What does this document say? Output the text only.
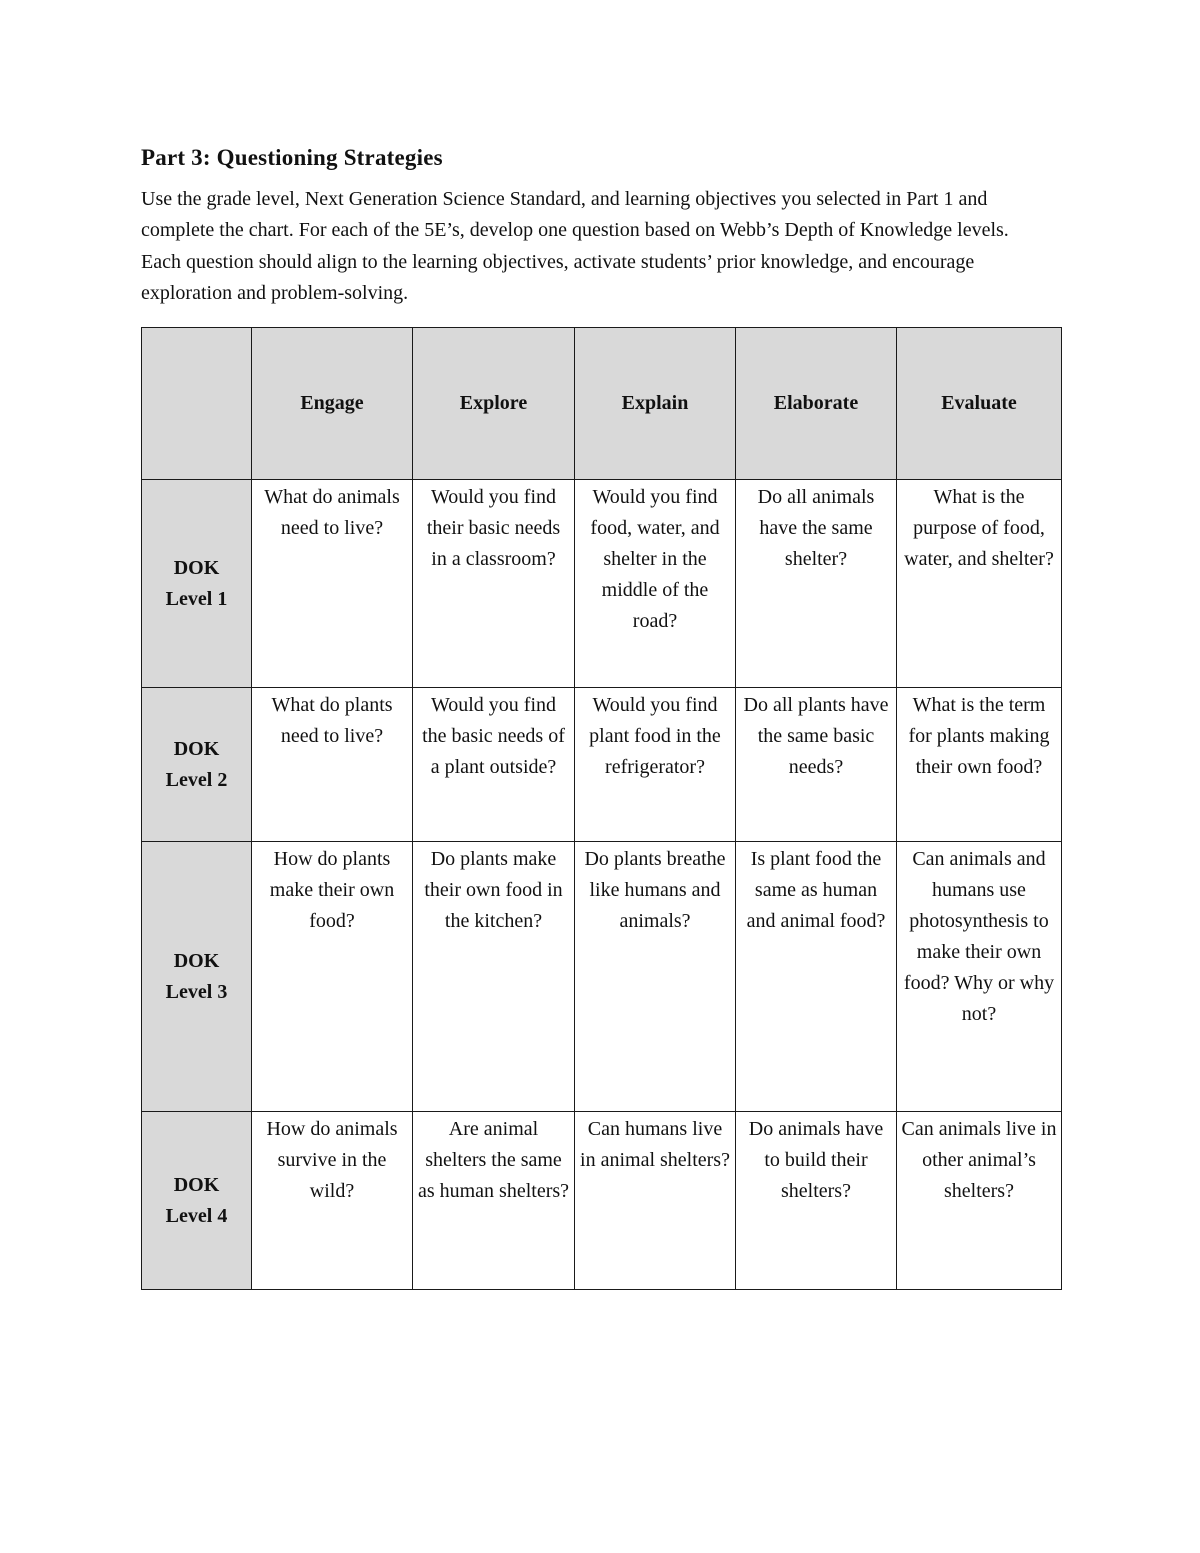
Part 3: Questioning Strategies

Use the grade level, Next Generation Science Standard, and learning objectives you selected in Part 1 and complete the chart. For each of the 5E’s, develop one question based on Webb’s Depth of Knowledge levels. Each question should align to the learning objectives, activate students’ prior knowledge, and encourage exploration and problem-solving.

	Engage	Explore	Explain	Elaborate	Evaluate

DOK
Level 1	What do animals need to live?	Would you find their basic needs in a classroom?	Would you find food, water, and shelter in the middle of the road?	Do all animals have the same shelter?	What is the purpose of food, water, and shelter?

DOK
Level 2	What do plants need to live?	Would you find the basic needs of a plant outside?	Would you find plant food in the refrigerator?	Do all plants have the same basic needs?	What is the term for plants making their own food?

DOK
Level 3	How do plants make their own food?	Do plants make their own food in the kitchen?	Do plants breathe like humans and animals?	Is plant food the same as human and animal food?	Can animals and humans use photosynthesis to make their own food? Why or why not?

DOK
Level 4	How do animals survive in the wild?	Are animal shelters the same as human shelters?	Can humans live in animal shelters?	Do animals have to build their shelters?	Can animals live in other animal’s shelters?
